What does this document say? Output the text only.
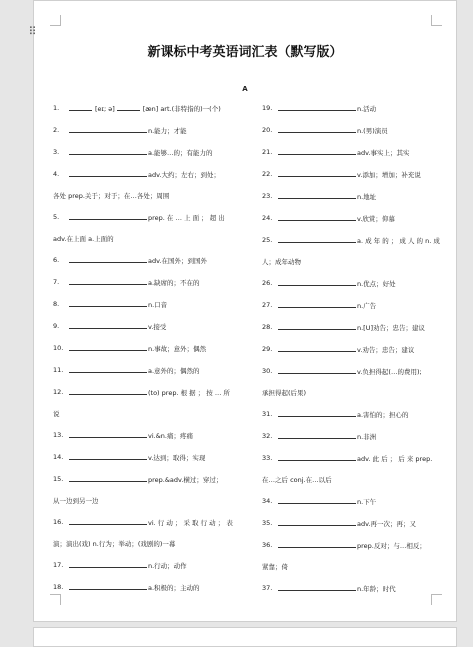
⠿
新课标中考英语词汇表（默写版）
A
1.	[eɪ; ə]	[æn] art.(非特指的)一(个)
2.	n.能力；才能
3.	a.能够…的；有能力的
4.	adv.大约；左右；到处；
各处 prep.关于；对于；在…各处；周围
5.	prep. 在 … 上 面 ； 超 出
adv.在上面 a.上面的
6.	adv.在国外；到国外
7.	a.缺席的；不在的
8.	n.口音
9.	v.接受
10.	n.事故；意外；偶然
11.	a.意外的；偶然的
12.	(to) prep. 根 据 ； 按 … 所
说
13.	vi.&n.痛；疼痛
14.	v.达到；取得；实现
15.	prep.&adv.横过；穿过；
从一边到另一边
16.	vi. 行 动 ； 采 取 行 动 ； 表
演；演出(戏) n.行为；举动；(戏剧的)一幕
17.	n.行动；动作
18.	a.积极的；主动的
19.	n.活动
20.	n.(男)演员
21.	adv.事实上；其实
22.	v.添加；增加；补充说
23.	n.地址
24.	v.欣赏；仰慕
25.	a. 成 年 的 ； 成 人 的 n. 成
人；成年动物
26.	n.优点；好处
27.	n.广告
28.	n.[U]劝告；忠告；建议
29.	v.劝告；忠告；建议
30.	v.负担得起(…的费用);
承担得起(后果)
31.	a.害怕的；担心的
32.	n.非洲
33.	adv. 此 后 ； 后 来 prep.
在…之后 conj.在…以后
34.	n.下午
35.	adv.再一次；再；又
36.	prep.反对；与…相反；
紧靠；倚
37.	n.年龄；时代
